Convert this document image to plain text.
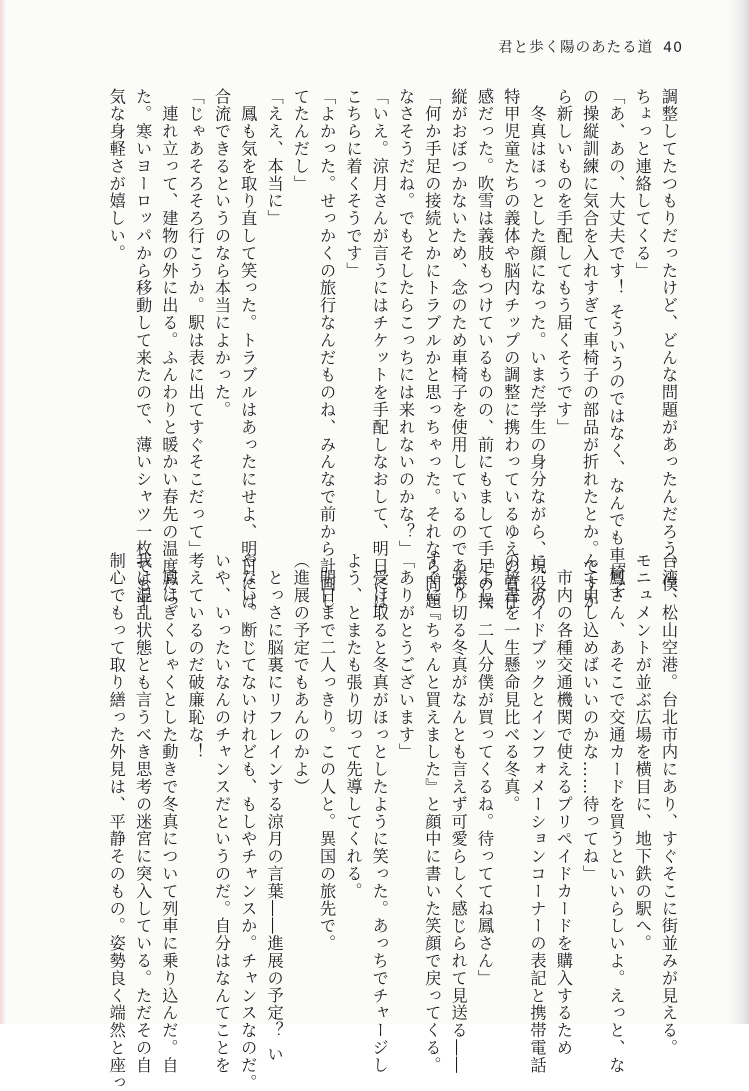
君と歩く陽のあたる道 40
調整してたつもりだったけど、どんな問題があったんだろう。僕、
ちょっと連絡してくる」
「あ、あの、大丈夫です！ そういうのではなく、なんでも車椅子
の操縦訓練に気合を入れすぎて車椅子の部品が折れたとか。ですか
ら新しいものを手配してもう届くそうです」
　冬真はほっとした顔になった。いまだ学生の身分ながら、現役の
特甲児童たちの義体や脳内チップの調整に携わっているゆえの責任
感だった。吹雪は義肢もつけているものの、前にもまして手足の操
縦がおぼつかないため、念のため車椅子を使用しているのである。
「何か手足の接続とかにトラブルかと思っちゃった。それなら問題
なさそうだね。でもそしたらこっちには来れないのかな？」
「いえ。涼月さんが言うにはチケットを手配しなおして、明日には
こちらに着くそうです」
「よかった。せっかくの旅行なんだものね、みんなで前から計画し
てたんだし」
「ええ、本当に」
　鳳も気を取り直して笑った。トラブルはあったにせよ、明日には
合流できるというのなら本当によかった。
「じゃあそろそろ行こうか。駅は表に出てすぐそこだって」
　連れ立って、建物の外に出る。ふんわりと暖かい春先の温度だっ
た。寒いヨーロッパから移動して来たので、薄いシャツ一枚でも平
気な身軽さが嬉しい。
台湾、松山空港。台北市内にあり、すぐそこに街並みが見える。
モニュメントが並ぶ広場を横目に、地下鉄の駅へ。
「鳳さん、あそこで交通カードを買うといいらしいよ。えっと、な
んて申し込めばいいのかな……待ってね」
　市内の各種交通機関で使えるプリペイドカードを購入するため
に、ガイドブックとインフォメーションコーナーの表記と携帯電話
の辞書を一生懸命見比べる冬真。
「よし、二人分僕が買ってくるね。待っててね鳳さん」
　張り切る冬真がなんとも言えず可愛らしく感じられて見送る――
すぐに『ちゃんと買えました』と顔中に書いた笑顔で戻ってくる。
「ありがとうございます」
　受け取ると冬真がほっとしたように笑った。あっちでチャージし
よう、とまたも張り切って先導してくれる。
　明日まで二人っきり。この人と。異国の旅先で。
（進展の予定でもあんのかよ）
　とっさに脳裏にリフレインする涼月の言葉――進展の予定？ い
やない。断じてないけれども、もしやチャンスか。チャンスなのだ。
いや、いったいなんのチャンスだというのだ。自分はなんてことを
考えているのだ破廉恥な！
　鳳はぎくしゃくとした動きで冬真について列車に乗り込んだ。自
我は混乱状態とも言うべき思考の迷宮に突入している。ただその自
制心でもって取り繕った外見は、平静そのもの。姿勢良く端然と座っ
